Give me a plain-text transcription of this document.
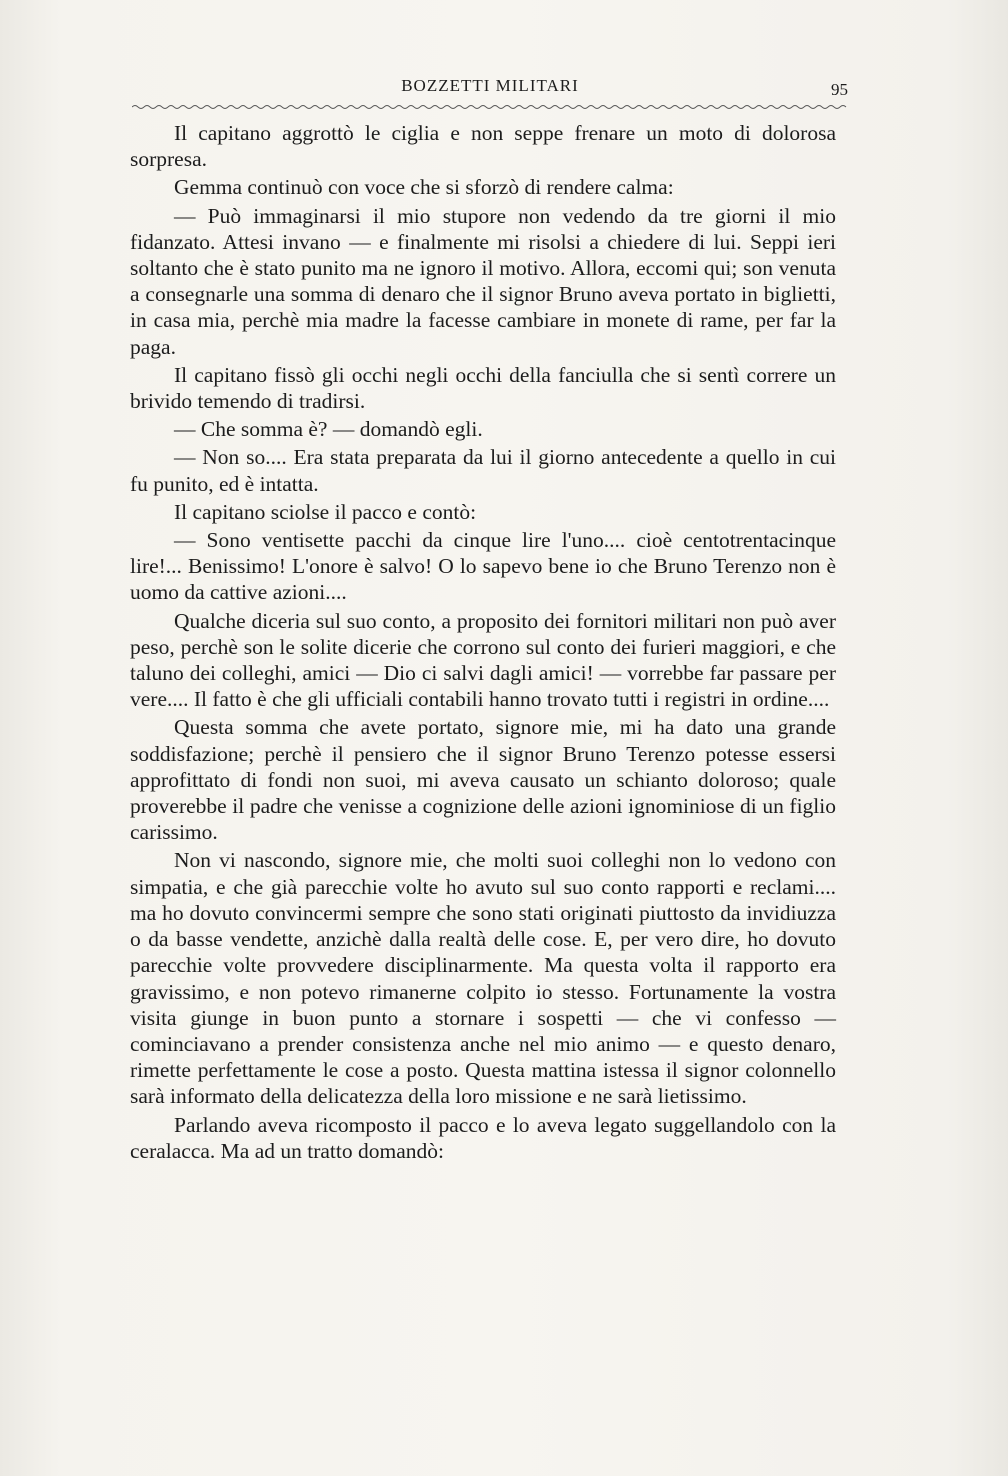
BOZZETTI MILITARI	95

Il capitano aggrottò le ciglia e non seppe frenare un moto di dolorosa sorpresa.

Gemma continuò con voce che si sforzò di rendere calma:

— Può immaginarsi il mio stupore non vedendo da tre giorni il mio fidanzato. Attesi invano — e finalmente mi risolsi a chiedere di lui. Seppi ieri soltanto che è stato punito ma ne ignoro il motivo. Allora, eccomi qui; son venuta a consegnarle una somma di denaro che il signor Bruno aveva portato in biglietti, in casa mia, perchè mia madre la facesse cambiare in monete di rame, per far la paga.

Il capitano fissò gli occhi negli occhi della fanciulla che si sentì correre un brivido temendo di tradirsi.

— Che somma è? — domandò egli.

— Non so.... Era stata preparata da lui il giorno antecedente a quello in cui fu punito, ed è intatta.

Il capitano sciolse il pacco e contò:

— Sono ventisette pacchi da cinque lire l'uno.... cioè centotrentacinque lire!... Benissimo! L'onore è salvo! O lo sapevo bene io che Bruno Terenzo non è uomo da cattive azioni....

Qualche diceria sul suo conto, a proposito dei fornitori militari non può aver peso, perchè son le solite dicerie che corrono sul conto dei furieri maggiori, e che taluno dei colleghi, amici — Dio ci salvi dagli amici! — vorrebbe far passare per vere.... Il fatto è che gli ufficiali contabili hanno trovato tutti i registri in ordine....

Questa somma che avete portato, signore mie, mi ha dato una grande soddisfazione; perchè il pensiero che il signor Bruno Terenzo potesse essersi approfittato di fondi non suoi, mi aveva causato un schianto doloroso; quale proverebbe il padre che venisse a cognizione delle azioni ignominiose di un figlio carissimo.

Non vi nascondo, signore mie, che molti suoi colleghi non lo vedono con simpatia, e che già parecchie volte ho avuto sul suo conto rapporti e reclami.... ma ho dovuto convincermi sempre che sono stati originati piuttosto da invidiuzza o da basse vendette, anzichè dalla realtà delle cose. E, per vero dire, ho dovuto parecchie volte provvedere disciplinarmente. Ma questa volta il rapporto era gravissimo, e non potevo rimanerne colpito io stesso. Fortunamente la vostra visita giunge in buon punto a stornare i sospetti — che vi confesso — cominciavano a prender consistenza anche nel mio animo — e questo denaro, rimette perfettamente le cose a posto. Questa mattina istessa il signor colonnello sarà informato della delicatezza della loro missione e ne sarà lietissimo.

Parlando aveva ricomposto il pacco e lo aveva legato suggellandolo con la ceralacca. Ma ad un tratto domandò:
